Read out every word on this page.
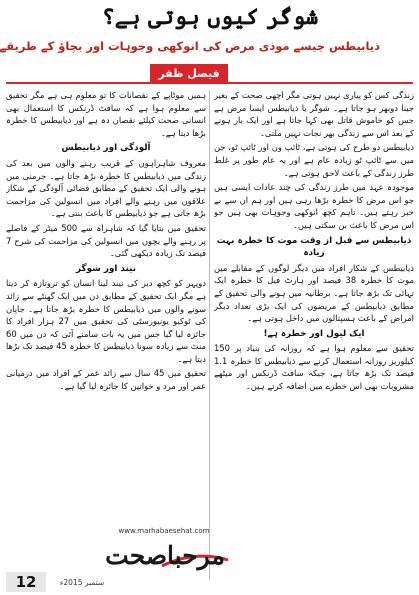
شوگر کیوں ہوتی ہے؟
ذیابیطس جیسے موذی مرض کی انوکھی وجوہات اور بچاؤ کے طریقے
فیصل ظفر

زندگی کس کو پیاری نہیں ہوتی مگر اچھی صحت کے بغیر جینا دوبھر ہو جاتا ہے۔ شوگر یا ذیابیطس ایسا مرض ہے جس کو خاموش قاتل بھی کہا جاتا ہے اور ایک بار ہونے کے بعد اس سے زندگی بھر نجات نہیں ملتی۔

ذیابیطس دو طرح کی ہوتی ہے، ٹائپ ون اور ٹائپ ٹو، جن میں سے ٹائپ ٹو زیادہ عام ہے اور یہ عام طور پر غلط طرز زندگی کے باعث لاحق ہوتی ہے۔

موجودہ عہد میں طرز زندگی کی چند عادات ایسی ہیں جو اس مرض کا خطرہ بڑھا رہی ہیں اور ہم ان سے بے خبر رہتے ہیں۔ تاہم کچھ انوکھی وجوہات بھی ہیں جو اس مرض کا باعث بن سکتی ہیں۔

ذیابیطس سے قبل از وقت موت کا خطرہ بہت زیادہ

ذیابیطس کے شکار افراد میں دیگر لوگوں کے مقابلے میں موت کا خطرہ 38 فیصد اور ہارٹ فیل کا خطرہ ایک تہائی تک بڑھ جاتا ہے۔ برطانیہ میں ہونے والی تحقیق کے مطابق ذیابیطس کے مریضوں کی ایک بڑی تعداد دیگر امراض کے باعث ہسپتالوں میں داخل ہوتی ہے۔

ایک لیول اور خطرہ ہے!

تحقیق سے معلوم ہوا ہے کہ روزانہ کی بنیاد پر 150 کیلوریز روزانہ استعمال کرنے سے ذیابیطس کا خطرہ 1.1 فیصد تک بڑھ جاتا ہے، جبکہ سافٹ ڈرنکس اور میٹھے مشروبات بھی اس خطرے میں اضافہ کرتے ہیں۔

ہمیں موٹاپے کے نقصانات کا تو معلوم ہی ہے مگر تحقیق سے معلوم ہوا ہے کہ سافٹ ڈرنکس کا استعمال بھی انسانی صحت کیلئے نقصان دہ ہے اور ذیابیطس کا خطرہ بڑھا دیتا ہے۔

آلودگی اور ذیابیطس

معروف شاہراہوں کے قریب رہنے والوں میں بعد کی زندگی میں ذیابیطس کا خطرہ بڑھ جاتا ہے۔ جرمنی میں ہونے والی ایک تحقیق کے مطابق فضائی آلودگی کے شکار علاقوں میں رہنے والے افراد میں انسولین کی مزاحمت بڑھ جاتی ہے جو ذیابیطس کا باعث بنتی ہے۔

تحقیق میں بتایا گیا کہ شاہراہ سے 500 میٹر کے فاصلے پر رہنے والے بچوں میں انسولین کی مزاحمت کی شرح 7 فیصد تک زیادہ دیکھی گئی۔

نیند اور شوگر

دوپہر کو کچھ دیر کی نیند لینا انسان کو تروتازہ کر دیتا ہے مگر ایک تحقیق کے مطابق دن میں ایک گھنٹے سے زائد سونے والوں میں ذیابیطس کا خطرہ بڑھ جاتا ہے۔ جاپان کی ٹوکیو یونیورسٹی کی تحقیق میں 27 ہزار افراد کا جائزہ لیا گیا جس میں یہ بات سامنے آئی کہ دن میں 60 منٹ سے زیادہ سونا ذیابیطس کا خطرہ 45 فیصد تک بڑھا دیتا ہے۔

تحقیق میں 45 سال سے زائد عمر کے افراد میں درمیانی عمر اور مرد و خواتین کا جائزہ لیا گیا ہے۔

www.marhabaesehat.com
مرحباصحت
ستمبر 2015ء
12
